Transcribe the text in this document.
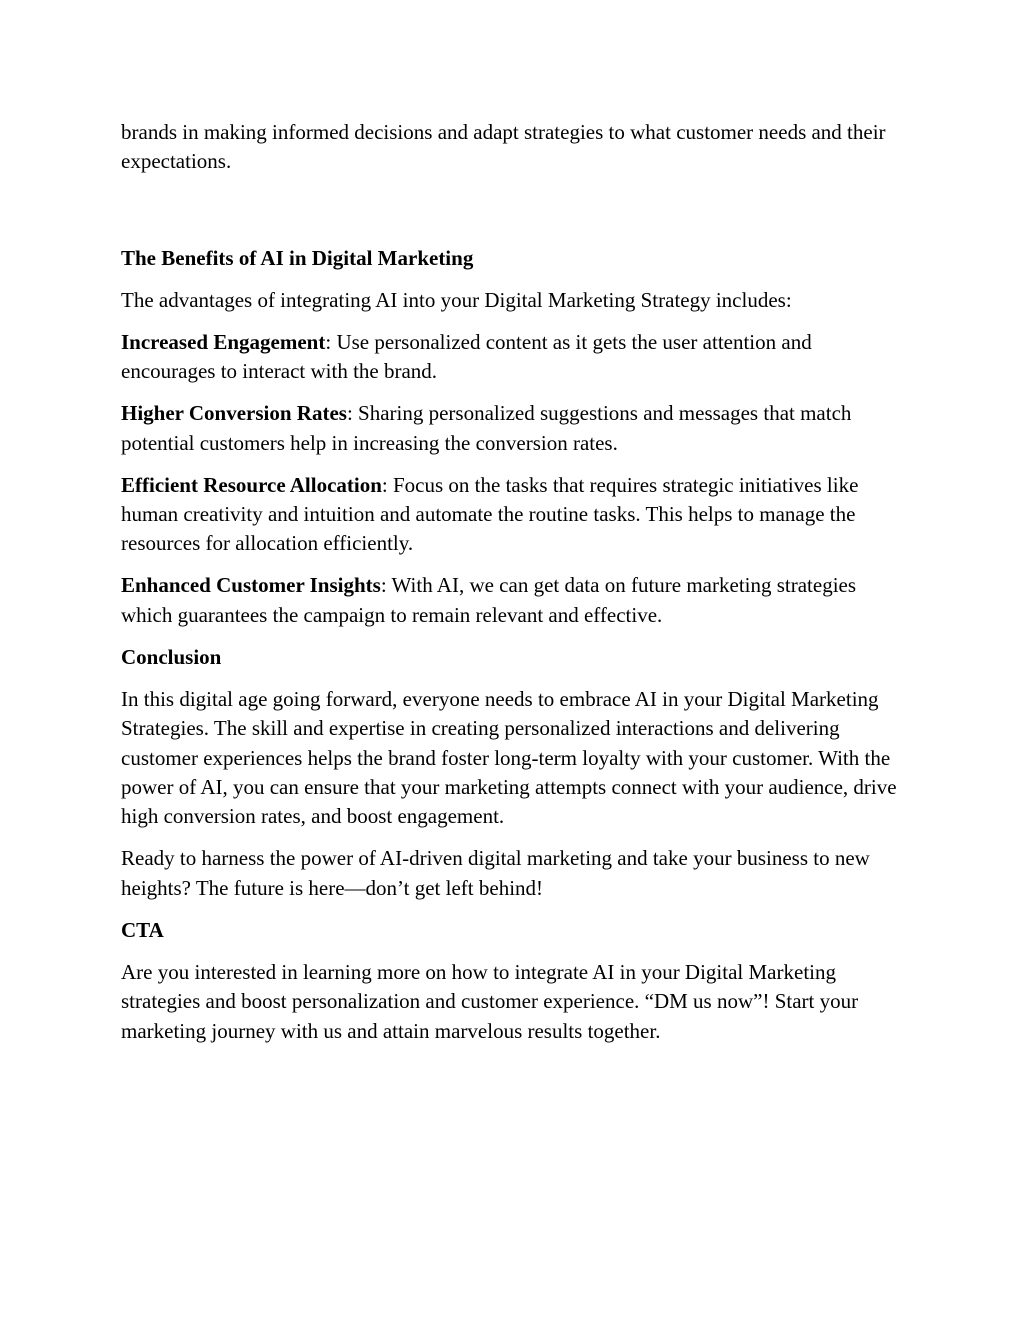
brands in making informed decisions and adapt strategies to what customer needs and their expectations.

The Benefits of AI in Digital Marketing

The advantages of integrating AI into your Digital Marketing Strategy includes:

Increased Engagement: Use personalized content as it gets the user attention and encourages to interact with the brand.

Higher Conversion Rates: Sharing personalized suggestions and messages that match potential customers help in increasing the conversion rates.

Efficient Resource Allocation: Focus on the tasks that requires strategic initiatives like human creativity and intuition and automate the routine tasks. This helps to manage the resources for allocation efficiently.

Enhanced Customer Insights: With AI, we can get data on future marketing strategies which guarantees the campaign to remain relevant and effective.

Conclusion

In this digital age going forward, everyone needs to embrace AI in your Digital Marketing Strategies. The skill and expertise in creating personalized interactions and delivering customer experiences helps the brand foster long-term loyalty with your customer. With the power of AI, you can ensure that your marketing attempts connect with your audience, drive high conversion rates, and boost engagement.

Ready to harness the power of AI-driven digital marketing and take your business to new heights? The future is here—don’t get left behind!

CTA

Are you interested in learning more on how to integrate AI in your Digital Marketing strategies and boost personalization and customer experience. “DM us now”! Start your marketing journey with us and attain marvelous results together.
